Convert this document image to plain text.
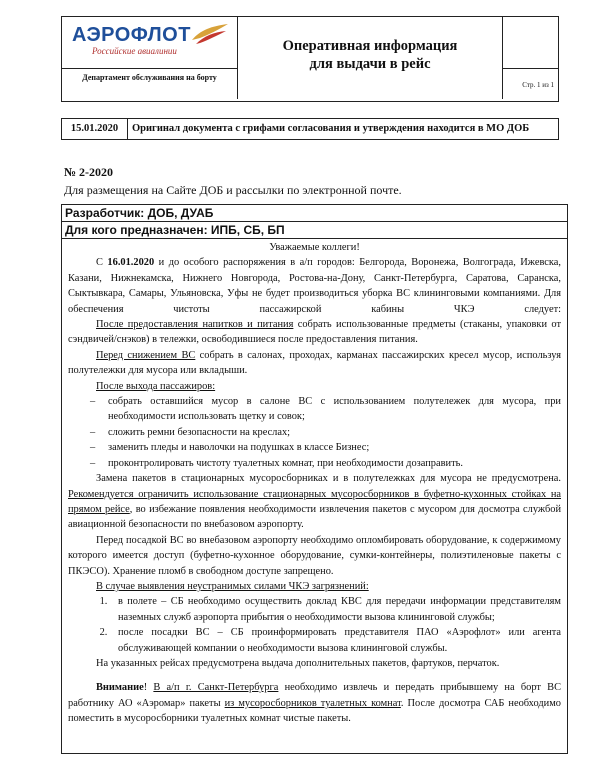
АЭРОФЛОТ
Российские авиалинии
Департамент обслуживания на борту
Оперативная информация
для выдачи в рейс
Стр. 1 из 1
15.01.2020	Оригинал документа с грифами согласования и утверждения находится в МО ДОБ
№ 2-2020
Для размещения на Сайте ДОБ и рассылки по электронной почте.
Разработчик: ДОБ, ДУАБ
Для кого предназначен: ИПБ, СБ, БП

Уважаемые коллеги!

С 16.01.2020 и до особого распоряжения в а/п городов: Белгорода, Воронежа, Волгограда, Ижевска, Казани, Нижнекамска, Нижнего Новгорода, Ростова-на-Дону, Санкт-Петербурга, Саратова, Саранска, Сыктывкара, Самары, Ульяновска, Уфы не будет производиться уборка ВС клининговыми компаниями. Для обеспечения чистоты пассажирской кабины ЧКЭ следует:

После предоставления напитков и питания собрать использованные предметы (стаканы, упаковки от сэндвичей/снэков) в тележки, освободившиеся после предоставления питания.

Перед снижением ВС собрать в салонах, проходах, карманах пассажирских кресел мусор, используя полутележки для мусора или вкладыши.

После выхода пассажиров:

– собрать оставшийся мусор в салоне ВС с использованием полутележек для мусора, при необходимости использовать щетку и совок;
– сложить ремни безопасности на креслах;
– заменить пледы и наволочки на подушках в классе Бизнес;
– проконтролировать чистоту туалетных комнат, при необходимости дозаправить.

Замена пакетов в стационарных мусоросборниках и в полутележках для мусора не предусмотрена. Рекомендуется ограничить использование стационарных мусоросборников в буфетно-кухонных стойках на прямом рейсе, во избежание появления необходимости извлечения пакетов с мусором для досмотра службой авиационной безопасности по внебазовом аэропорту.

Перед посадкой ВС во внебазовом аэропорту необходимо опломбировать оборудование, к содержимому которого имеется доступ (буфетно-кухонное оборудование, сумки-контейнеры, полиэтиленовые пакеты с ПКЭСО). Хранение пломб в свободном доступе запрещено.

В случае выявления неустранимых силами ЧКЭ загрязнений:

1. в полете – СБ необходимо осуществить доклад КВС для передачи информации представителям наземных служб аэропорта прибытия о необходимости вызова клининговой службы;
2. после посадки ВС – СБ проинформировать представителя ПАО «Аэрофлот» или агента обслуживающей компании о необходимости вызова клининговой службы.

На указанных рейсах предусмотрена выдача дополнительных пакетов, фартуков, перчаток.

Внимание! В а/п г. Санкт-Петербурга необходимо извлечь и передать прибывшему на борт ВС работнику АО «Аэромар» пакеты из мусоросборников туалетных комнат. После досмотра САБ необходимо поместить в мусоросборники туалетных комнат чистые пакеты.
